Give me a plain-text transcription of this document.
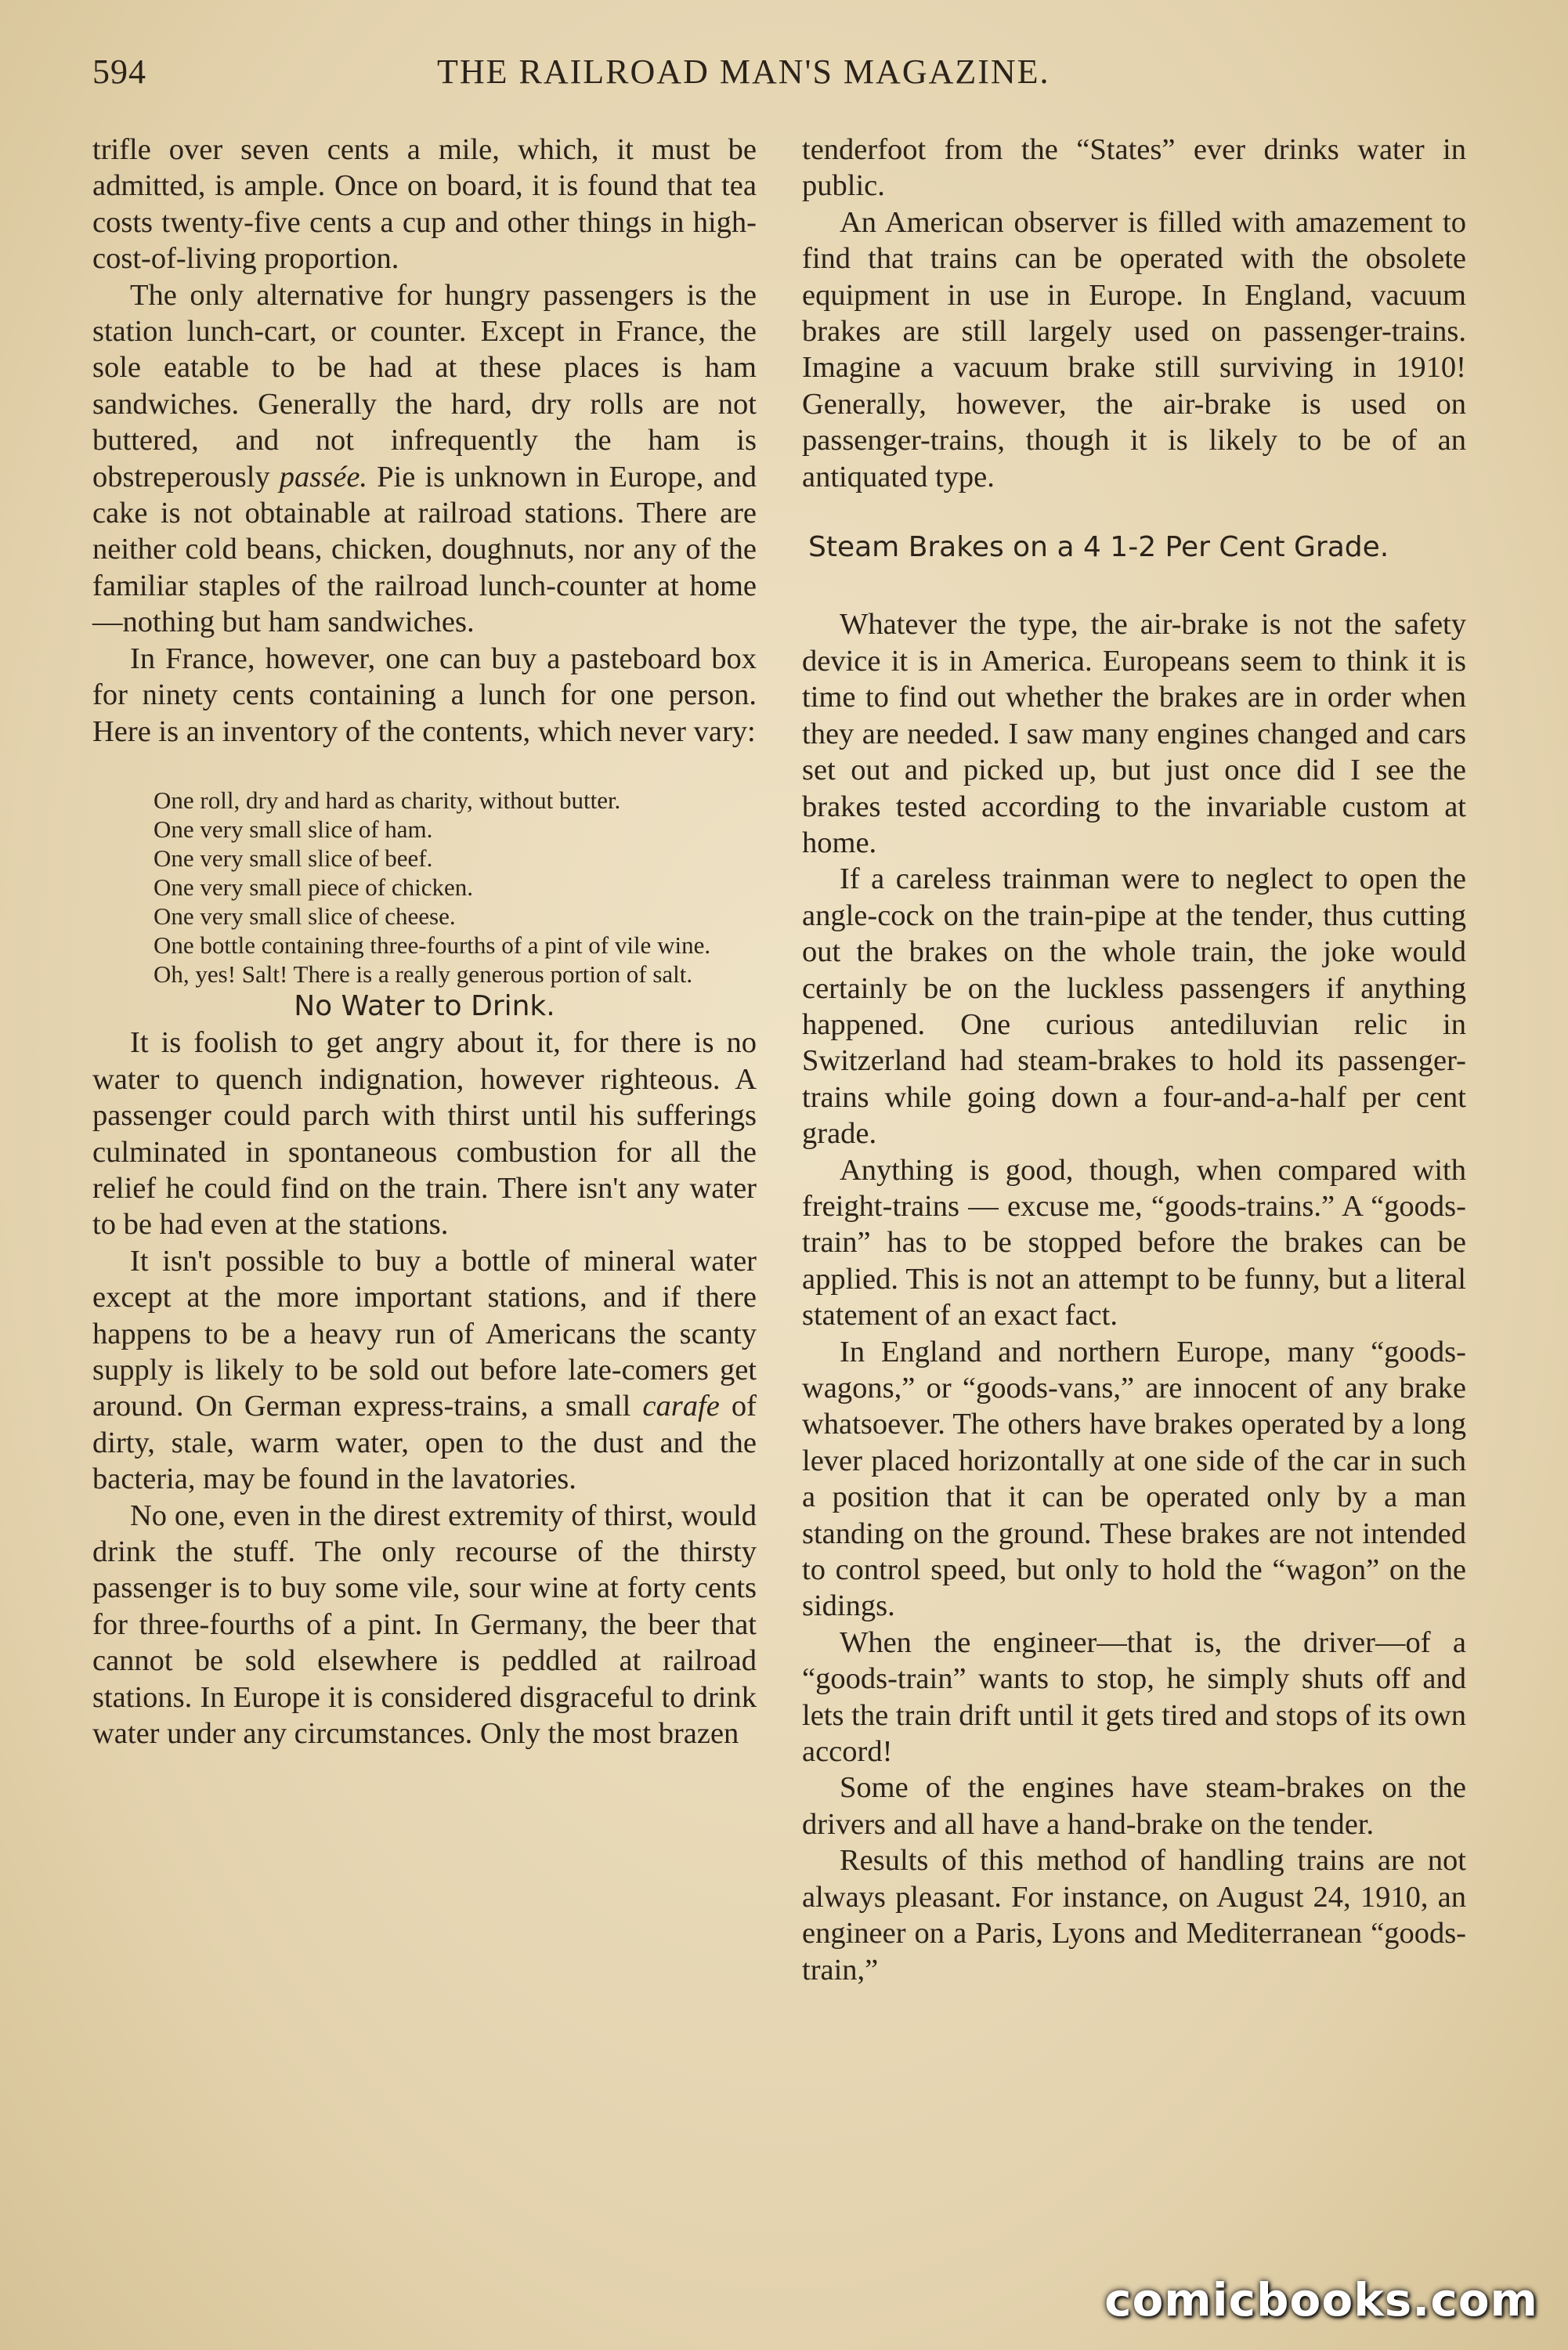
594	THE RAILROAD MAN'S MAGAZINE.

trifle over seven cents a mile, which, it must be admitted, is ample. Once on board, it is found that tea costs twenty-five cents a cup and other things in high-cost-of-living proportion.

The only alternative for hungry passengers is the station lunch-cart, or counter. Except in France, the sole eatable to be had at these places is ham sandwiches. Generally the hard, dry rolls are not buttered, and not infrequently the ham is obstreperously passée. Pie is unknown in Europe, and cake is not obtainable at railroad stations. There are neither cold beans, chicken, doughnuts, nor any of the familiar staples of the railroad lunch-counter at home —nothing but ham sandwiches.

In France, however, one can buy a pasteboard box for ninety cents containing a lunch for one person. Here is an inventory of the contents, which never vary:

One roll, dry and hard as charity, without butter.
One very small slice of ham.
One very small slice of beef.
One very small piece of chicken.
One very small slice of cheese.
One bottle containing three-fourths of a pint of vile wine.
Oh, yes! Salt! There is a really generous portion of salt.

No Water to Drink.

It is foolish to get angry about it, for there is no water to quench indignation, however righteous. A passenger could parch with thirst until his sufferings culminated in spontaneous combustion for all the relief he could find on the train. There isn't any water to be had even at the stations.

It isn't possible to buy a bottle of mineral water except at the more important stations, and if there happens to be a heavy run of Americans the scanty supply is likely to be sold out before late-comers get around. On German express-trains, a small carafe of dirty, stale, warm water, open to the dust and the bacteria, may be found in the lavatories.

No one, even in the direst extremity of thirst, would drink the stuff. The only recourse of the thirsty passenger is to buy some vile, sour wine at forty cents for three-fourths of a pint. In Germany, the beer that cannot be sold elsewhere is peddled at railroad stations. In Europe it is considered disgraceful to drink water under any circumstances. Only the most brazen

tenderfoot from the “States” ever drinks water in public.

An American observer is filled with amazement to find that trains can be operated with the obsolete equipment in use in Europe. In England, vacuum brakes are still largely used on passenger-trains. Imagine a vacuum brake still surviving in 1910! Generally, however, the air-brake is used on passenger-trains, though it is likely to be of an antiquated type.

Steam Brakes on a 4 1-2 Per Cent Grade.

Whatever the type, the air-brake is not the safety device it is in America. Europeans seem to think it is time to find out whether the brakes are in order when they are needed. I saw many engines changed and cars set out and picked up, but just once did I see the brakes tested according to the invariable custom at home.

If a careless trainman were to neglect to open the angle-cock on the train-pipe at the tender, thus cutting out the brakes on the whole train, the joke would certainly be on the luckless passengers if anything happened. One curious antediluvian relic in Switzerland had steam-brakes to hold its passenger-trains while going down a four-and-a-half per cent grade.

Anything is good, though, when compared with freight-trains — excuse me, “goods-trains.” A “goods-train” has to be stopped before the brakes can be applied. This is not an attempt to be funny, but a literal statement of an exact fact.

In England and northern Europe, many “goods-wagons,” or “goods-vans,” are innocent of any brake whatsoever. The others have brakes operated by a long lever placed horizontally at one side of the car in such a position that it can be operated only by a man standing on the ground. These brakes are not intended to control speed, but only to hold the “wagon” on the sidings.

When the engineer—that is, the driver—of a “goods-train” wants to stop, he simply shuts off and lets the train drift until it gets tired and stops of its own accord!

Some of the engines have steam-brakes on the drivers and all have a hand-brake on the tender.

Results of this method of handling trains are not always pleasant. For instance, on August 24, 1910, an engineer on a Paris, Lyons and Mediterranean “goods-train,”

comicbooks.com
